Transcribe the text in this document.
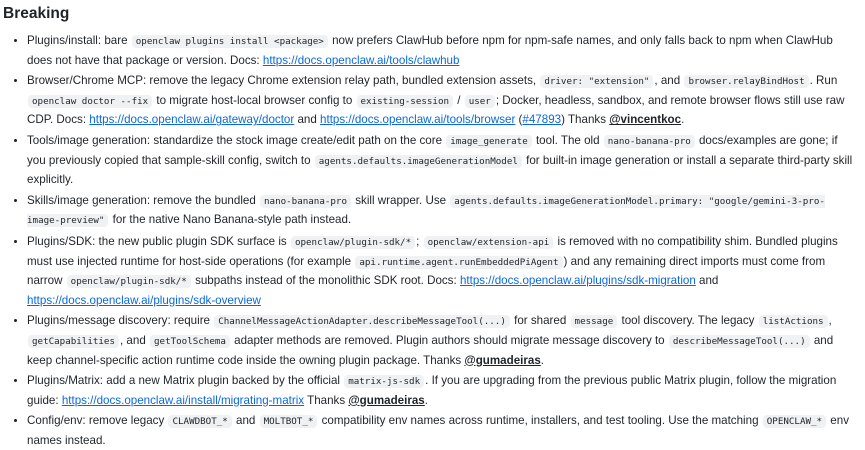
Breaking
• Plugins/install: bare openclaw plugins install <package> now prefers ClawHub before npm for npm-safe names, and only falls back to npm when ClawHub does not have that package or version. Docs: https://docs.openclaw.ai/tools/clawhub
• Browser/Chrome MCP: remove the legacy Chrome extension relay path, bundled extension assets, driver: "extension" , and browser.relayBindHost . Run openclaw doctor --fix to migrate host-local browser config to existing-session / user ; Docker, headless, sandbox, and remote browser flows still use raw CDP. Docs: https://docs.openclaw.ai/gateway/doctor and https://docs.openclaw.ai/tools/browser (#47893) Thanks @vincentkoc.
• Tools/image generation: standardize the stock image create/edit path on the core image_generate tool. The old nano-banana-pro docs/examples are gone; if you previously copied that sample-skill config, switch to agents.defaults.imageGenerationModel for built-in image generation or install a separate third-party skill explicitly.
• Skills/image generation: remove the bundled nano-banana-pro skill wrapper. Use agents.defaults.imageGenerationModel.primary: "google/gemini-3-pro-image-preview" for the native Nano Banana-style path instead.
• Plugins/SDK: the new public plugin SDK surface is openclaw/plugin-sdk/* ; openclaw/extension-api is removed with no compatibility shim. Bundled plugins must use injected runtime for host-side operations (for example api.runtime.agent.runEmbeddedPiAgent ) and any remaining direct imports must come from narrow openclaw/plugin-sdk/* subpaths instead of the monolithic SDK root. Docs: https://docs.openclaw.ai/plugins/sdk-migration and https://docs.openclaw.ai/plugins/sdk-overview
• Plugins/message discovery: require ChannelMessageActionAdapter.describeMessageTool(...) for shared message tool discovery. The legacy listActions , getCapabilities , and getToolSchema adapter methods are removed. Plugin authors should migrate message discovery to describeMessageTool(...) and keep channel-specific action runtime code inside the owning plugin package. Thanks @gumadeiras.
• Plugins/Matrix: add a new Matrix plugin backed by the official matrix-js-sdk . If you are upgrading from the previous public Matrix plugin, follow the migration guide: https://docs.openclaw.ai/install/migrating-matrix Thanks @gumadeiras.
• Config/env: remove legacy CLAWDBOT_* and MOLTBOT_* compatibility env names across runtime, installers, and test tooling. Use the matching OPENCLAW_* env names instead.
